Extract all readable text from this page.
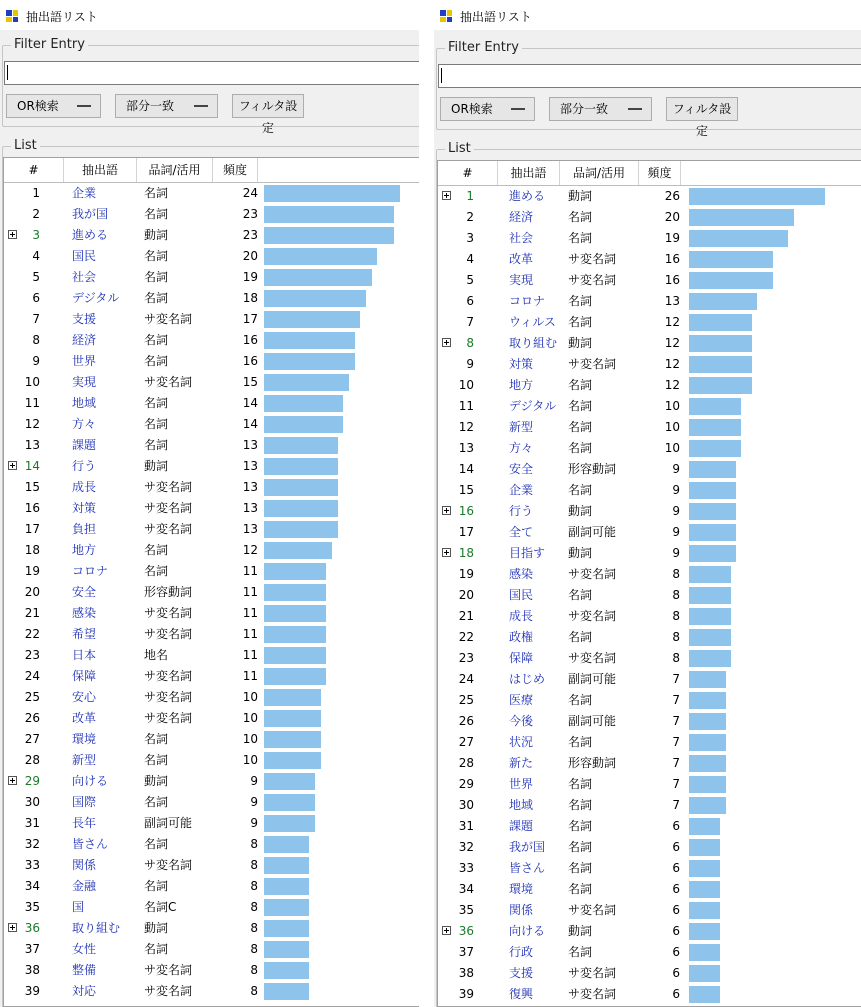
抽出語リスト
Filter Entry
OR検索	部分一致	フィルタ設定
List
#	抽出語	品詞/活用	頻度
1	企業	名詞	24
2	我が国	名詞	23
3	進める	動詞	23
4	国民	名詞	20
5	社会	名詞	19
6	デジタル 名詞	18
7	支援	サ変名詞	17
8	経済	名詞	16
9	世界	名詞	16
10	実現	サ変名詞	15
11	地域	名詞	14
12	方々	名詞	14
13	課題	名詞	13
14	行う	動詞	13
15	成長	サ変名詞	13
16	対策	サ変名詞	13
17	負担	サ変名詞	13
18	地方	名詞	12
19	コロナ	名詞	11
20	安全	形容動詞	11
21	感染	サ変名詞	11
22	希望	サ変名詞	11
23	日本	地名	11
24	保障	サ変名詞	11
25	安心	サ変名詞	10
26	改革	サ変名詞	10
27	環境	名詞	10
28	新型	名詞	10
29	向ける	動詞	9
30	国際	名詞	9
31	長年	副詞可能	9
32	皆さん	名詞	8
33	関係	サ変名詞	8
34	金融	名詞	8
35	国	名詞C	8
36	取り組む 動詞	8
37	女性	名詞	8
38	整備	サ変名詞	8
39	対応	サ変名詞	8
抽出語リスト
Filter Entry
OR検索	部分一致	フィルタ設定
List
#	抽出語	品詞/活用	頻度
1	進める 動詞	26
2	経済	名詞	20
3	社会	名詞	19
4	改革	サ変名詞	16
5	実現	サ変名詞	16
6	コロナ 名詞	13
7	ウィルス 名詞	12
8	取り組む 動詞	12
9	対策	サ変名詞	12
10	地方	名詞	12
11	デジタル 名詞	10
12	新型	名詞	10
13	方々	名詞	10
14	安全	形容動詞	9
15	企業	名詞	9
16	行う	動詞	9
17	全て	副詞可能	9
18	目指す 動詞	9
19	感染	サ変名詞	8
20	国民	名詞	8
21	成長	サ変名詞	8
22	政権	名詞	8
23	保障	サ変名詞	8
24	はじめ 副詞可能	7
25	医療	名詞	7
26	今後	副詞可能	7
27	状況	名詞	7
28	新た	形容動詞	7
29	世界	名詞	7
30	地域	名詞	7
31	課題	名詞	6
32	我が国 名詞	6
33	皆さん 名詞	6
34	環境	名詞	6
35	関係	サ変名詞	6
36	向ける 動詞	6
37	行政	名詞	6
38	支援	サ変名詞	6
39	復興	サ変名詞	6
